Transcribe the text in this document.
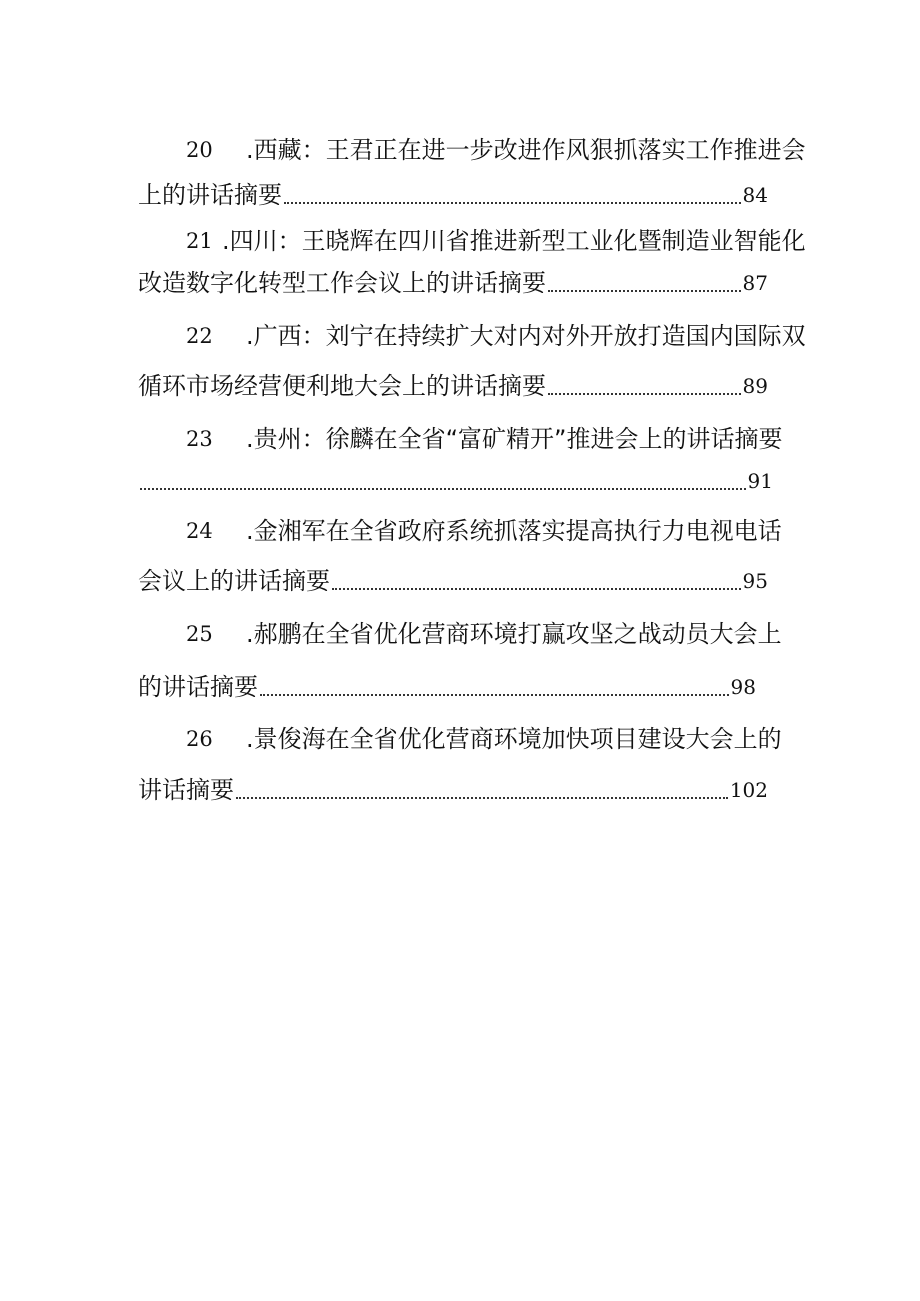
20 .西藏：王君正在进一步改进作风狠抓落实工作推进会
上的讲话摘要	84
21 .四川：王晓辉在四川省推进新型工业化暨制造业智能化
改造数字化转型工作会议上的讲话摘要	87
22 .广西：刘宁在持续扩大对内对外开放打造国内国际双
循环市场经营便利地大会上的讲话摘要	89
23 .贵州：徐麟在全省“富矿精开”推进会上的讲话摘要
91
24 .金湘军在全省政府系统抓落实提高执行力电视电话
会议上的讲话摘要	95
25 .郝鹏在全省优化营商环境打赢攻坚之战动员大会上
的讲话摘要	98
26 .景俊海在全省优化营商环境加快项目建设大会上的
讲话摘要	102
